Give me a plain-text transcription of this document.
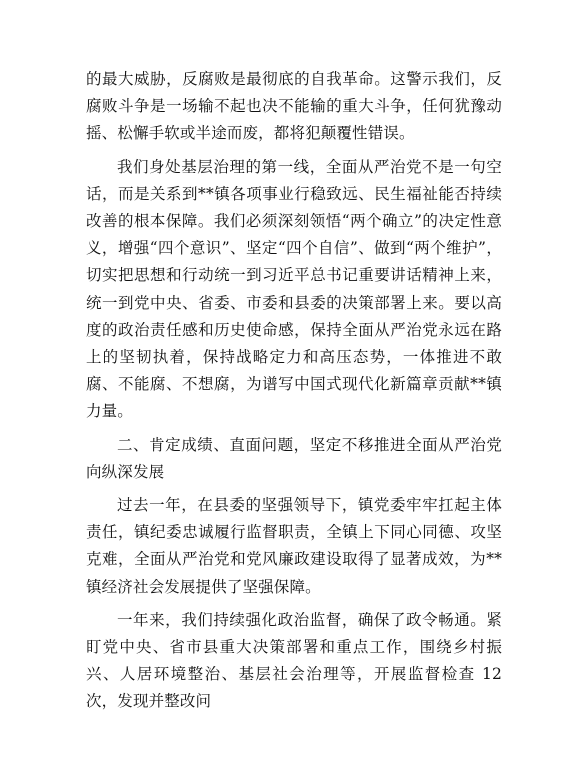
的最大威胁，反腐败是最彻底的自我革命。这警示我们，反腐败斗争是一场输不起也决不能输的重大斗争，任何犹豫动摇、松懈手软或半途而废，都将犯颠覆性错误。

我们身处基层治理的第一线，全面从严治党不是一句空话，而是关系到**镇各项事业行稳致远、民生福祉能否持续改善的根本保障。我们必须深刻领悟“两个确立”的决定性意义，增强“四个意识”、坚定“四个自信”、做到“两个维护”，切实把思想和行动统一到习近平总书记重要讲话精神上来，统一到党中央、省委、市委和县委的决策部署上来。要以高度的政治责任感和历史使命感，保持全面从严治党永远在路上的坚韧执着，保持战略定力和高压态势，一体推进不敢腐、不能腐、不想腐，为谱写中国式现代化新篇章贡献**镇力量。

二、肯定成绩、直面问题，坚定不移推进全面从严治党向纵深发展

过去一年，在县委的坚强领导下，镇党委牢牢扛起主体责任，镇纪委忠诚履行监督职责，全镇上下同心同德、攻坚克难，全面从严治党和党风廉政建设取得了显著成效，为**镇经济社会发展提供了坚强保障。

一年来，我们持续强化政治监督，确保了政令畅通。紧盯党中央、省市县重大决策部署和重点工作，围绕乡村振兴、人居环境整治、基层社会治理等，开展监督检查 12 次，发现并整改问
